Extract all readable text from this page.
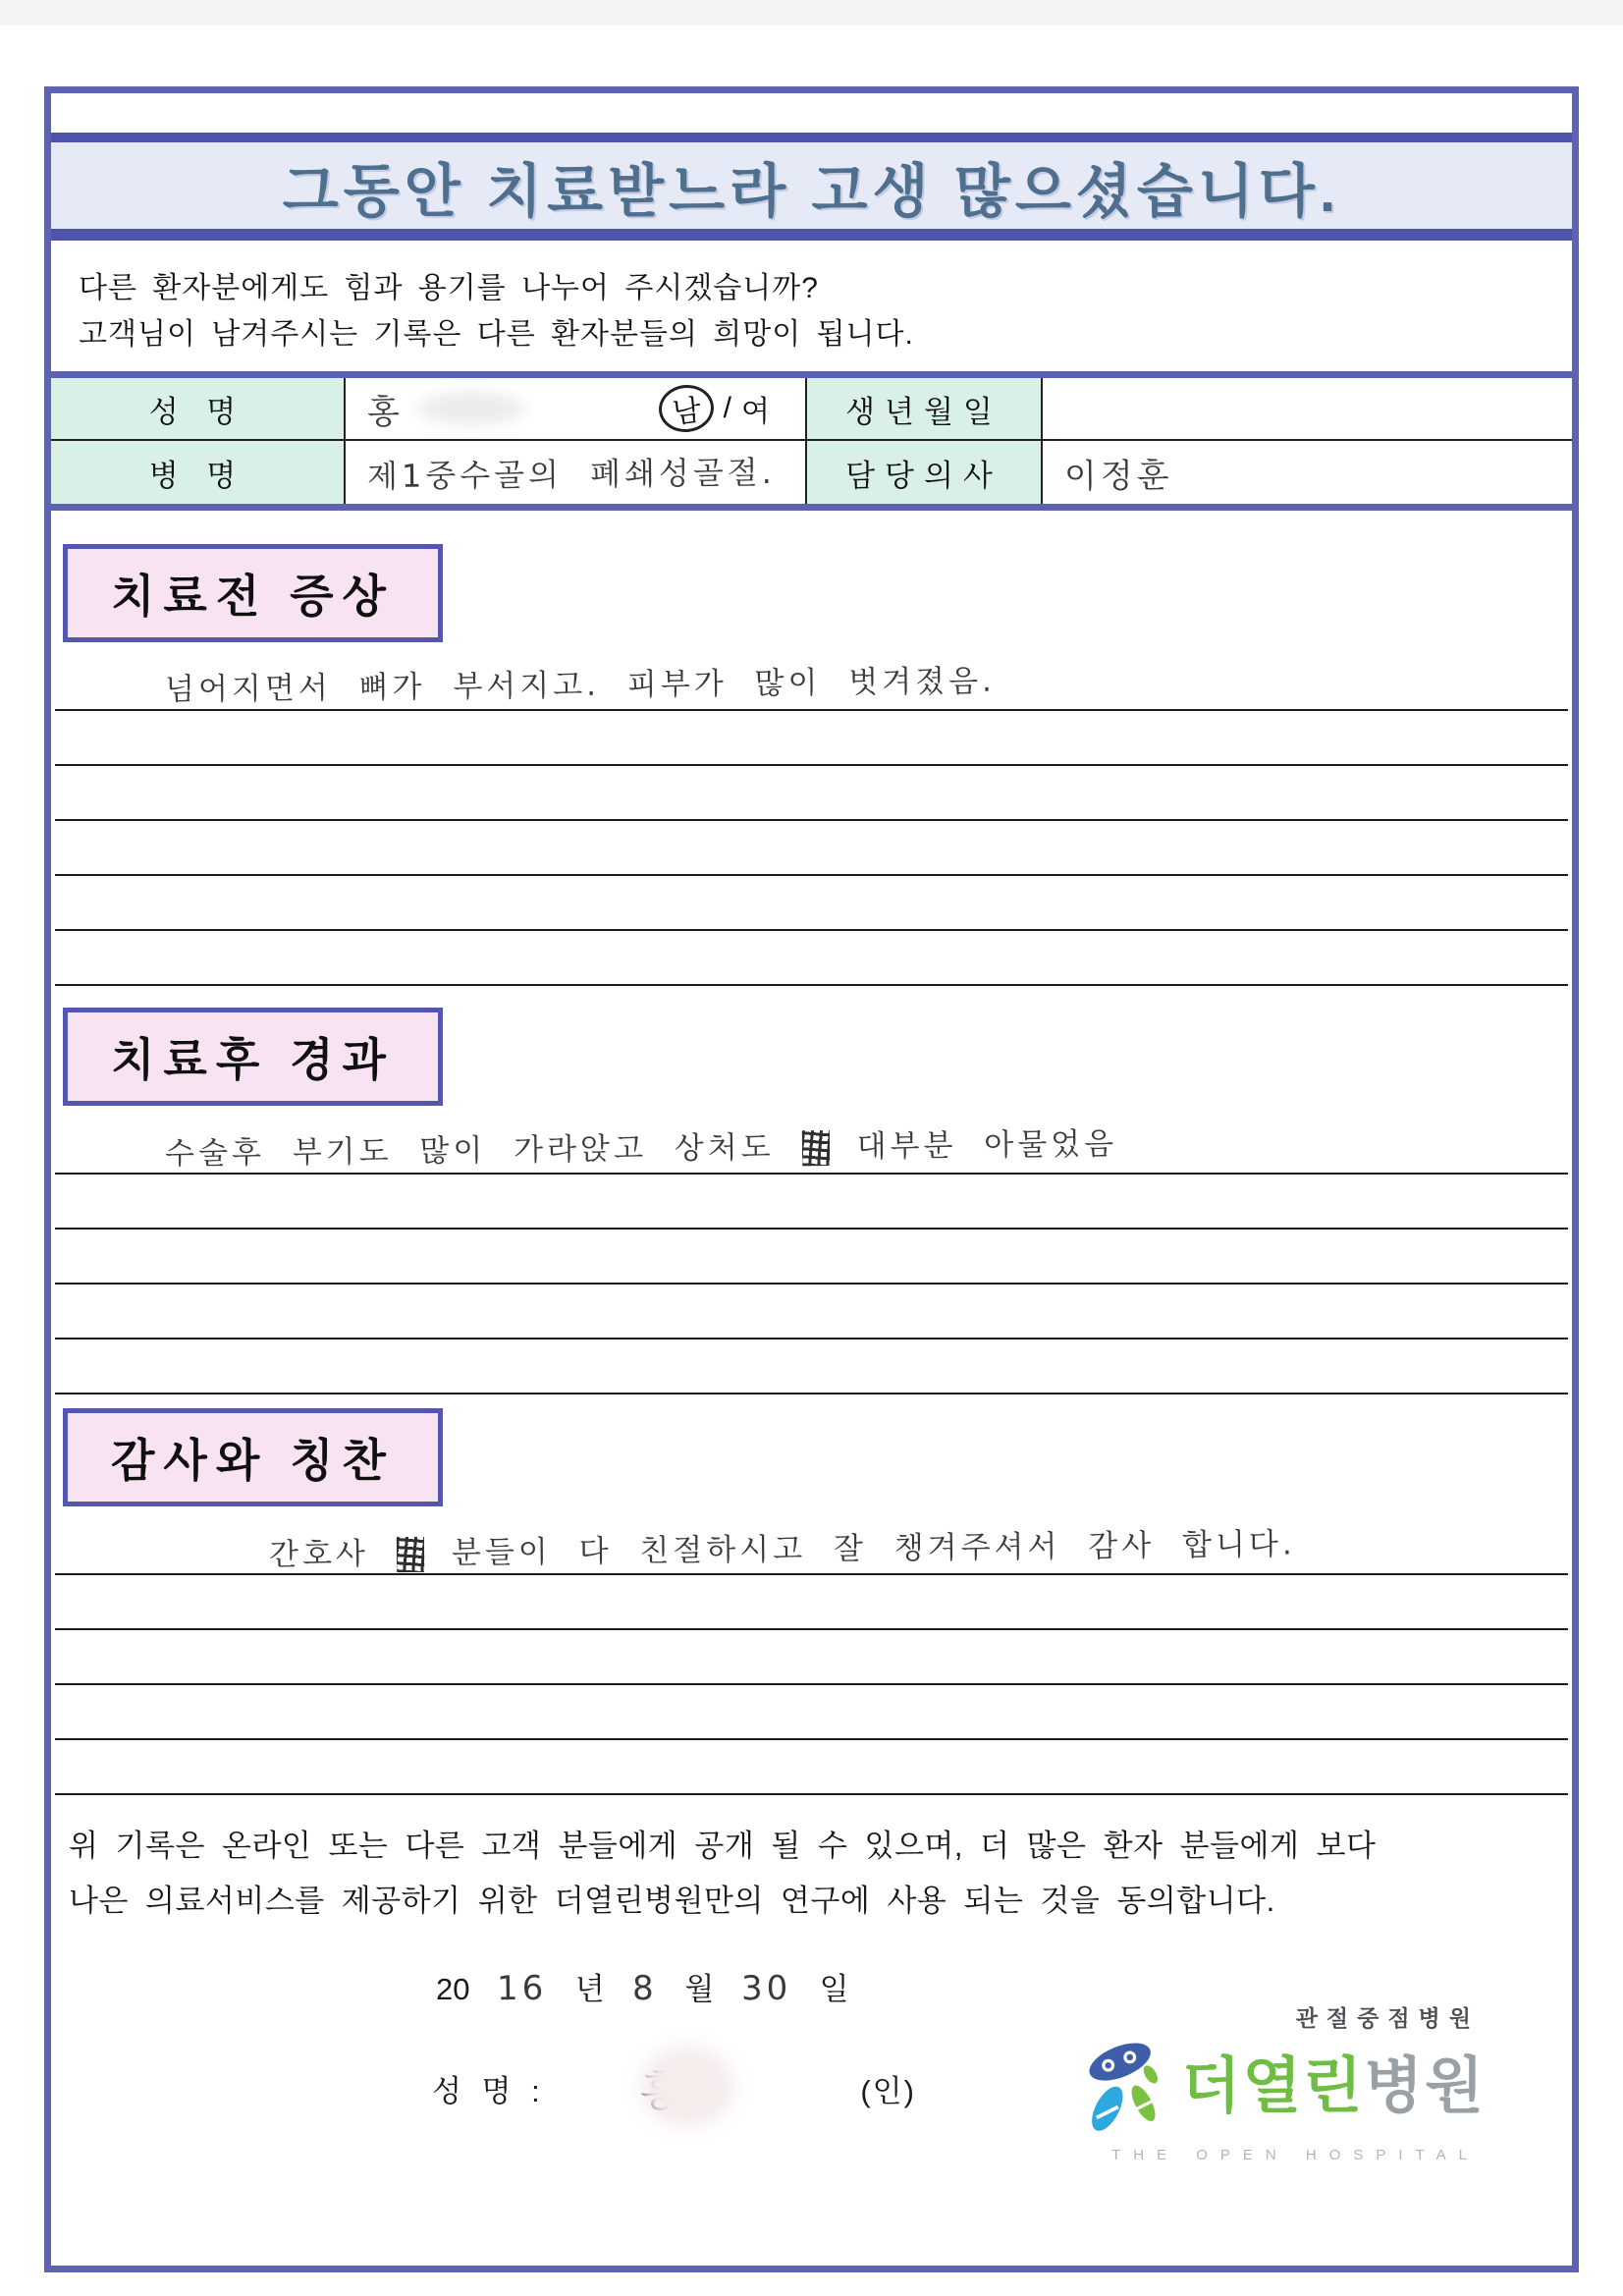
그동안 치료받느라 고생 많으셨습니다.
다른 환자분에게도 힘과 용기를 나누어 주시겠습니까?
고객님이 남겨주시는 기록은 다른 환자분들의 희망이 됩니다.
성 명	홍	남 / 여	생년월일
병 명	제1중수골의 폐쇄성골절.	담당의사	이정훈
치료전 증상
넘어지면서 뼈가 부서지고. 피부가 많이 벗겨졌음.
치료후 경과
수술후 부기도 많이 가라앉고 상처도	대부분 아물었음
감사와 칭찬
간호사	분들이 다 친절하시고 잘 챙겨주셔서 감사 합니다.
위 기록은 온라인 또는 다른 고객 분들에게 공개 될 수 있으며, 더 많은 환자 분들에게 보다
나은 의료서비스를 제공하기 위한 더열린병원만의 연구에 사용 되는 것을 동의합니다.
20 16 년 8 월 30 일
성 명 :	(인)
관절중점병원
더열린병원
THE OPEN HOSPITAL
